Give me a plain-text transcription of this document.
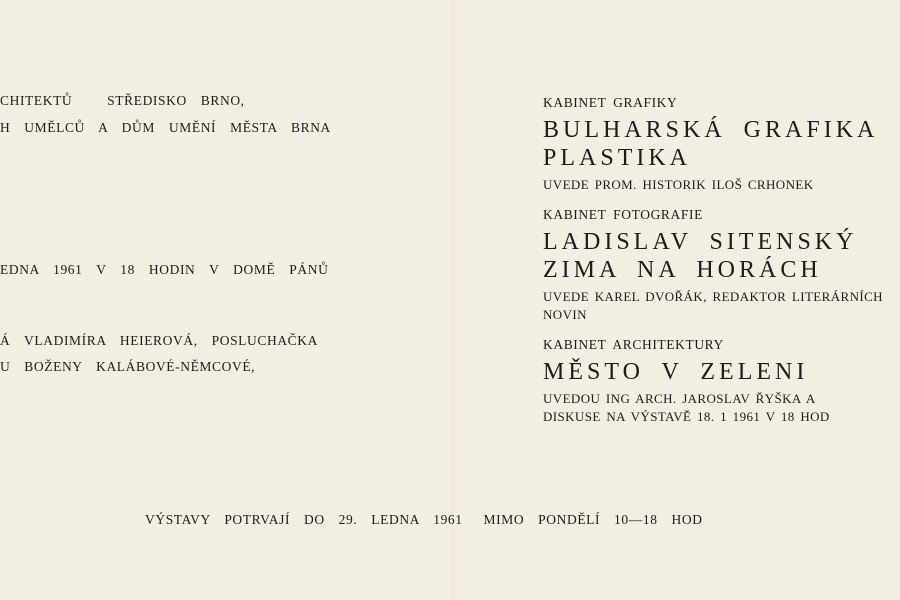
CHITEKTŮ     STŘEDISKO  BRNO,
H  UMĚLCŮ  A  DŮM  UMĚNÍ  MĚSTA  BRNA
EDNA  1961  V  18  HODIN  V  DOMĚ  PÁNŮ
Á  VLADIMÍRA  HEIEROVÁ,  POSLUCHAČKA
U  BOŽENY  KALÁBOVÉ-NĚMCOVÉ,
KABINET GRAFIKY
BULHARSKÁ GRAFIKA
PLASTIKA
UVEDE PROM. HISTORIK ILOŠ CRHONEK
KABINET FOTOGRAFIE
LADISLAV SITENSKÝ
ZIMA NA HORÁCH
UVEDE KAREL DVOŘÁK, REDAKTOR LITERÁRNÍCH NOVIN
KABINET ARCHITEKTURY
MĚSTO V ZELENI
UVEDOU ING ARCH. JAROSLAV ŘYŠKA A
DISKUSE NA VÝSTAVĚ 18. 1 1961 V 18 HOD
VÝSTAVY  POTRVAJÍ  DO  29.  LEDNA  1961   MIMO  PONDĚLÍ  10—18  HOD
